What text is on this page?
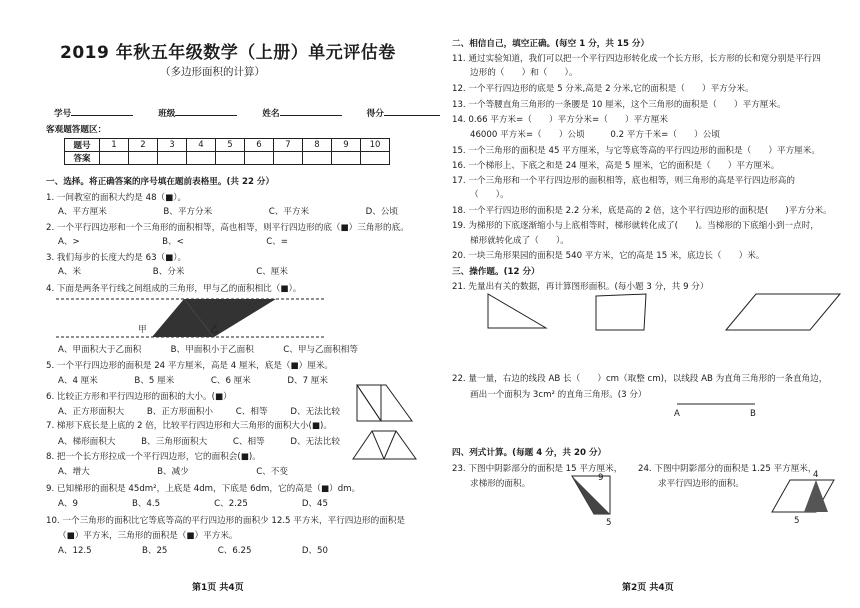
2019 年秋五年级数学（上册）单元评估卷
（多边形面积的计算）
学号	班级	姓名	得分
客观题答题区：
题号	1	2	3	4	5	6	7	8	9	10
答案										
一、选择。将正确答案的序号填在题前表格里。(共 22 分）
1. 一间教室的面积大约是 48（■）。
A、平方厘米	B、平方分米	C、平方米	D、公顷
2. 一个平行四边形和一个三角形的面积相等，高也相等，则平行四边形的底（■）三角形的底。
A、>	B、<	C、=
3. 我们每步的长度大约是 63（■）。
A、米	B、分米	C、厘米
4. 下面是两条平行线之间组成的三角形，甲与乙的面积相比（■）。
甲	乙
A、甲面积大于乙面积	B、甲面积小于乙面积	C、甲与乙面积相等
5. 一个平行四边形的面积是 24 平方厘米，高是 4 厘米，底是（■）厘米。
A、4 厘米	B、5 厘米	C、6 厘米	D、7 厘米
6. 比较正方形和平行四边形的面积的大小。(■）
A、正方形面积大	B、正方形面积小	C、相等	D、无法比较
7. 梯形下底长是上底的 2 倍，比较平行四边形和大三角形的面积大小(■)。
A、梯形面积大	B、三角形面积大	C、相等	D、无法比较
8. 把一个长方形拉成一个平行四边形，它的面积会(■)。
A、增大	B、减少	C、不变
9. 已知梯形的面积是 45dm²，上底是 4dm，下底是 6dm，它的高是（■）dm。
A、9	B、4.5	C、2.25	D、45
10. 一个三角形的面积比它等底等高的平行四边形的面积少 12.5 平方米，平行四边形的面积是
（■）平方米，三角形的面积是（■）平方米。
A、12.5	B、25	C、6.25	D、50
第1页 共4页
二、相信自己，填空正确。(每空 1 分，共 15 分）
11. 通过实验知道，我们可以把一个平行四边形转化成一个长方形，长方形的长和宽分别是平行四
边形的（　　）和（　　）。
12. 一个平行四边形的底是 5 分米,高是 2 分米,它的面积是（　　）平方分米。
13. 一个等腰直角三角形的一条腰是 10 厘米，这个三角形的面积是（　　）平方厘米。
14. 0.66 平方米=（　　）平方分米=（　　）平方厘米
46000 平方米=（　　）公顷　　　0.2 平方千米=（　　）公顷
15. 一个三角形的面积是 45 平方厘米，与它等底等高的平行四边形的面积是（　　）平方厘米。
16. 一个梯形上、下底之和是 24 厘米，高是 5 厘米，它的面积是（　　）平方厘米。
17. 一个三角形和一个平行四边形的面积相等，底也相等，则三角形的高是平行四边形高的
（　　）。
18. 一个平行四边形的面积是 2.2 分米，底是高的 2 倍，这个平行四边形的面积是(　　)平方分米。
19. 为梯形的下底逐渐缩小与上底相等时，梯形就转化成了(　　)。当梯形的下底缩小到一点时，
梯形就转化成了（　　）。
20. 一块三角形果园的面积是 540 平方米，它的高是 15 米，底边长（　　）米。
三、操作题。(12 分）
21. 先量出有关的数据，再计算图形面积。(每小题 3 分，共 9 分）
22. 量一量，右边的线段 AB 长（　　）cm（取整 cm)，以线段 AB 为直角三角形的一条直角边，
画出一个面积为 3cm² 的直角三角形。(3 分）
A	B
四、列式计算。(每题 4 分，共 20 分）
23. 下图中阴影部分的面积是 15 平方厘米，
求梯形的面积。
24. 下图中阴影部分的面积是 1.25 平方厘米，
求平行四边形的面积。
9
5
4
5
第2页 共4页
